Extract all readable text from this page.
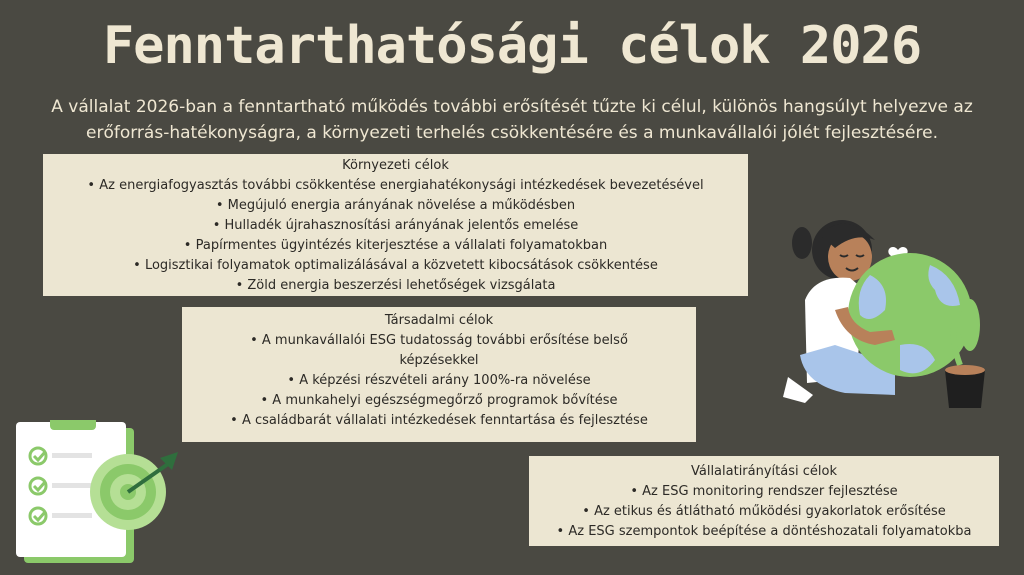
Fenntarthatósági célok 2026
A vállalat 2026-ban a fenntartható működés további erősítését tűzte ki célul, különös hangsúlyt helyezve az erőforrás-hatékonyságra, a környezeti terhelés csökkentésére és a munkavállalói jólét fejlesztésére.
Környezeti célok
• Az energiafogyasztás további csökkentése energiahatékonysági intézkedések bevezetésével
• Megújuló energia arányának növelése a működésben
• Hulladék újrahasznosítási arányának jelentős emelése
• Papírmentes ügyintézés kiterjesztése a vállalati folyamatokban
• Logisztikai folyamatok optimalizálásával a közvetett kibocsátások csökkentése
• Zöld energia beszerzési lehetőségek vizsgálata
Társadalmi célok
• A munkavállalói ESG tudatosság további erősítése belső képzésekkel
• A képzési részvételi arány 100%-ra növelése
• A munkahelyi egészségmegőrző programok bővítése
• A családbarát vállalati intézkedések fenntartása és fejlesztése
Vállalatirányítási célok
• Az ESG monitoring rendszer fejlesztése
• Az etikus és átlátható működési gyakorlatok erősítése
• Az ESG szempontok beépítése a döntéshozatali folyamatokba
